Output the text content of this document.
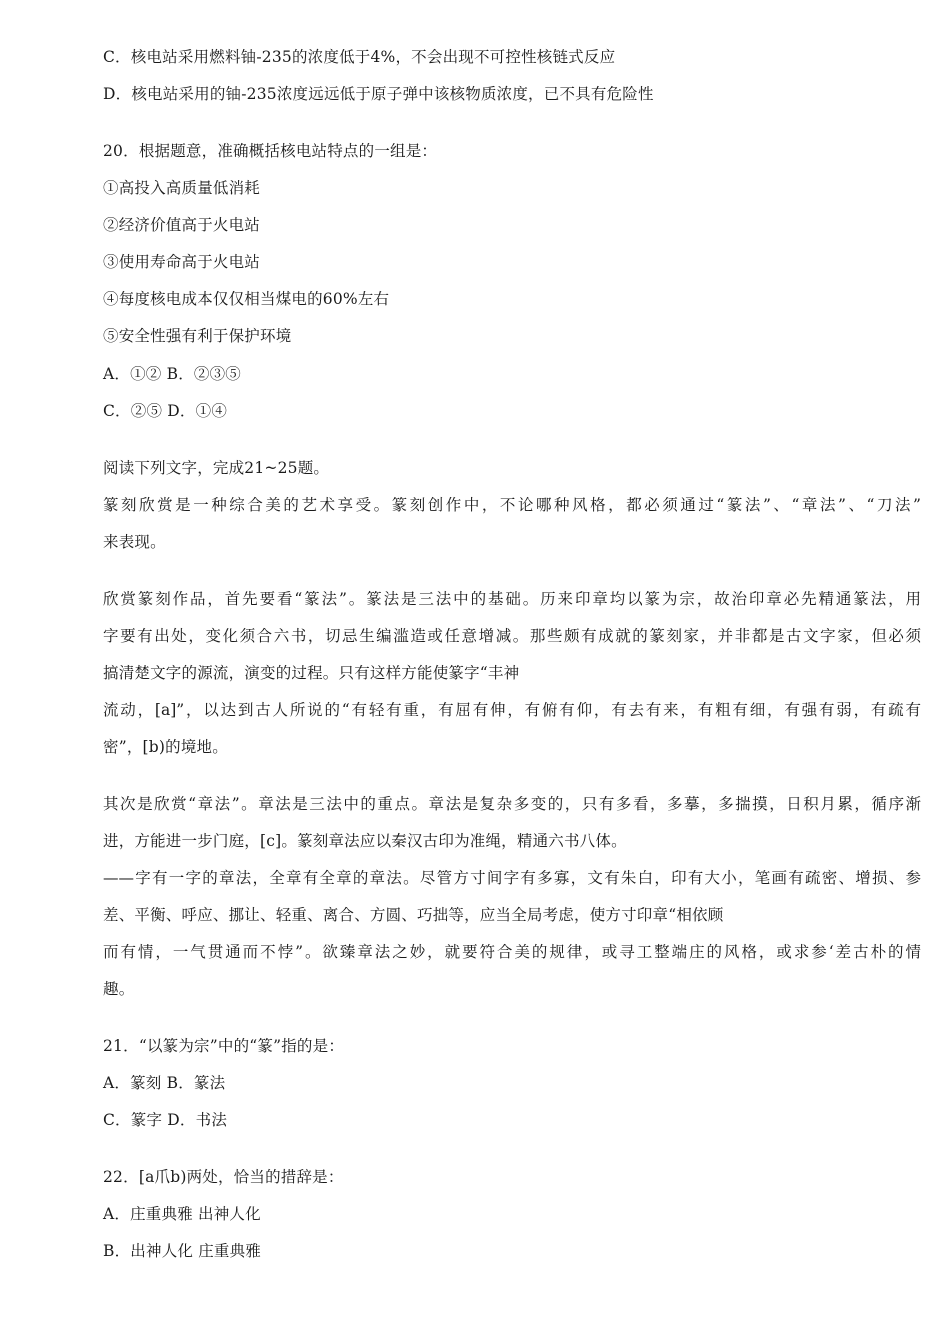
C．核电站采用燃料铀-235的浓度低于4%，不会出现不可控性核链式反应
D．核电站采用的铀-235浓度远远低于原子弹中该核物质浓度，已不具有危险性
20．根据题意，准确概括核电站特点的一组是：
①高投入高质量低消耗
②经济价值高于火电站
③使用寿命高于火电站
④每度核电成本仅仅相当煤电的60%左右
⑤安全性强有利于保护环境
A．①② B．②③⑤
C．②⑤ D．①④
阅读下列文字，完成21~25题。
篆刻欣赏是一种综合美的艺术享受。篆刻创作中，不论哪种风格，都必须通过“篆法”、“章法”、“刀法”
来表现。
欣赏篆刻作品，首先要看“篆法”。篆法是三法中的基础。历来印章均以篆为宗，故治印章必先精通篆法，用
字要有出处，变化须合六书，切忌生编滥造或任意增减。那些颇有成就的篆刻家，并非都是古文字家，但必须
搞清楚文字的源流，演变的过程。只有这样方能使篆字“丰神
流动，[a]”，以达到古人所说的“有轻有重，有屈有伸，有俯有仰，有去有来，有粗有细，有强有弱，有疏有
密”，[b)的境地。
其次是欣赏“章法”。章法是三法中的重点。章法是复杂多变的，只有多看，多摹，多揣摸，日积月累，循序渐
进，方能进一步门庭，[c]。篆刻章法应以秦汉古印为准绳，精通六书八体。
——字有一字的章法，全章有全章的章法。尽管方寸间字有多寡，文有朱白，印有大小，笔画有疏密、增损、参
差、平衡、呼应、挪让、轻重、离合、方圆、巧拙等，应当全局考虑，使方寸印章“相依顾
而有情，一气贯通而不悖”。欲臻章法之妙，就要符合美的规律，或寻工整端庄的风格，或求参‘差古朴的情
趣。
21．“以篆为宗”中的“篆”指的是：
A．篆刻 B．篆法
C．篆字 D．书法
22．[a爪b)两处，恰当的措辞是：
A．庄重典雅 出神人化
B．出神人化 庄重典雅
